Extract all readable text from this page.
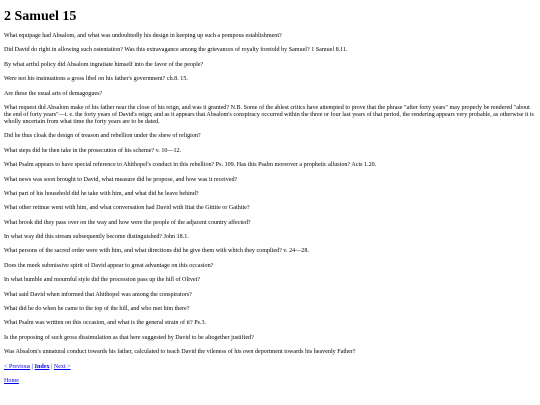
2 Samuel 15

What equipage had Absalom, and what was undoubtedly his design in keeping up such a pompous establishment?

Did David do right in allowing such ostentation? Was this extravagance among the grievances of royalty foretold by Samuel? 1 Samuel 8.11.

By what artful policy did Absalom ingratiate himself into the favor of the people?

Were not his insinuations a gross libel on his father's government? ch.8. 15.

Are these the usual arts of demagogues?

What request did Absalom make of his father near the close of his reign, and was it granted? N.B. Some of the ablest critics have attempted to prove that the phrase "after forty years" may properly be rendered "about the end of forty years"—i. e. the forty years of David's reign; and as it appears that Absalom's conspiracy occurred within the three or four last years of that period, the rendering appears very probable, as otherwise it is wholly uncertain from what time the forty years are to be dated.

Did he thus cloak the design of treason and rebellion under the shew of religion?

What steps did he then take in the prosecution of his scheme? v. 10—12.

What Psalm appears to have special reference to Ahithopel's conduct in this rebellion? Ps. 109. Has this Psalm moreover a prophetic allusion? Acts 1.20.

What news was soon brought to David, what measure did he propose, and how was it received?

What part of his household did he take with him, and what did he leave behind?

What other retinue went with him, and what conversation had David with Ittai the Gittite or Gathite?

What brook did they pass over on the way and how were the people of the adjacent country affected?

In what way did this stream subsequently become distinguished? John 18.1.

What persons of the sacred order were with him, and what directions did he give them with which they complied? v. 24—28.

Does the meek submissive spirit of David appear to great advantage on this occasion?

In what humble and mournful style did the procession pass up the hill of Olivet?

What said David when informed that Ahithopel was among the conspirators?

What did he do when he came to the top of the hill, and who met him there?

What Psalm was written on this occasion, and what is the general strain of it? Ps.3.

Is the proposing of such gross dissimulation as that here suggested by David to be altogether justified?

Was Absalom's unnatural conduct towards his father, calculated to teach David the vileness of his own deportment towards his heavenly Father?

< Previous | Index | Next >

Home
